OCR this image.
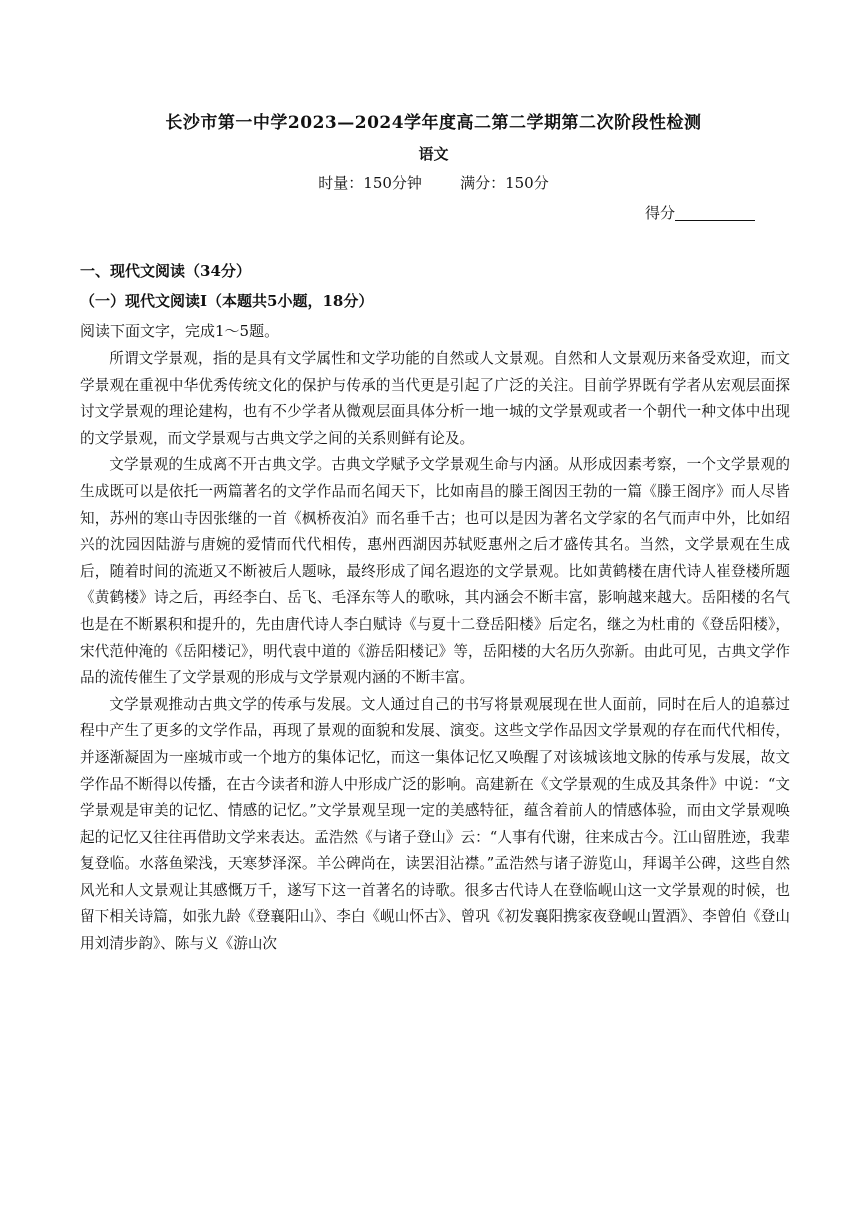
长沙市第一中学2023—2024学年度高二第二学期第二次阶段性检测
语文
时量：150分钟        满分：150分
得分
一、现代文阅读（34分）
（一）现代文阅读Ⅰ（本题共5小题，18分）
阅读下面文字，完成1～5题。

所谓文学景观，指的是具有文学属性和文学功能的自然或人文景观。自然和人文景观历来备受欢迎，而文学景观在重视中华优秀传统文化的保护与传承的当代更是引起了广泛的关注。目前学界既有学者从宏观层面探讨文学景观的理论建构，也有不少学者从微观层面具体分析一地一城的文学景观或者一个朝代一种文体中出现的文学景观，而文学景观与古典文学之间的关系则鲜有论及。

文学景观的生成离不开古典文学。古典文学赋予文学景观生命与内涵。从形成因素考察，一个文学景观的生成既可以是依托一两篇著名的文学作品而名闻天下，比如南昌的滕王阁因王勃的一篇《滕王阁序》而人尽皆知，苏州的寒山寺因张继的一首《枫桥夜泊》而名垂千古；也可以是因为著名文学家的名气而声中外，比如绍兴的沈园因陆游与唐婉的爱情而代代相传，惠州西湖因苏轼贬惠州之后才盛传其名。当然，文学景观在生成后，随着时间的流逝又不断被后人题咏，最终形成了闻名遐迩的文学景观。比如黄鹤楼在唐代诗人崔登楼所题《黄鹤楼》诗之后，再经李白、岳飞、毛泽东等人的歌咏，其内涵会不断丰富，影响越来越大。岳阳楼的名气也是在不断累积和提升的，先由唐代诗人李白赋诗《与夏十二登岳阳楼》后定名，继之为杜甫的《登岳阳楼》，宋代范仲淹的《岳阳楼记》，明代袁中道的《游岳阳楼记》等，岳阳楼的大名历久弥新。由此可见，古典文学作品的流传催生了文学景观的形成与文学景观内涵的不断丰富。

文学景观推动古典文学的传承与发展。文人通过自己的书写将景观展现在世人面前，同时在后人的追慕过程中产生了更多的文学作品，再现了景观的面貌和发展、演变。这些文学作品因文学景观的存在而代代相传，并逐渐凝固为一座城市或一个地方的集体记忆，而这一集体记忆又唤醒了对该城该地文脉的传承与发展，故文学作品不断得以传播，在古今读者和游人中形成广泛的影响。高建新在《文学景观的生成及其条件》中说：“文学景观是审美的记忆、情感的记忆。”文学景观呈现一定的美感特征，蕴含着前人的情感体验，而由文学景观唤起的记忆又往往再借助文学来表达。孟浩然《与诸子登山》云：“人事有代谢，往来成古今。江山留胜迹，我辈复登临。水落鱼梁浅，天寒梦泽深。羊公碑尚在，读罢泪沾襟。”孟浩然与诸子游览山，拜谒羊公碑，这些自然风光和人文景观让其感慨万千，遂写下这一首著名的诗歌。很多古代诗人在登临岘山这一文学景观的时候，也留下相关诗篇，如张九龄《登襄阳山》、李白《岘山怀古》、曾巩《初发襄阳携家夜登岘山置酒》、李曾伯《登山用刘清步韵》、陈与义《游山次
